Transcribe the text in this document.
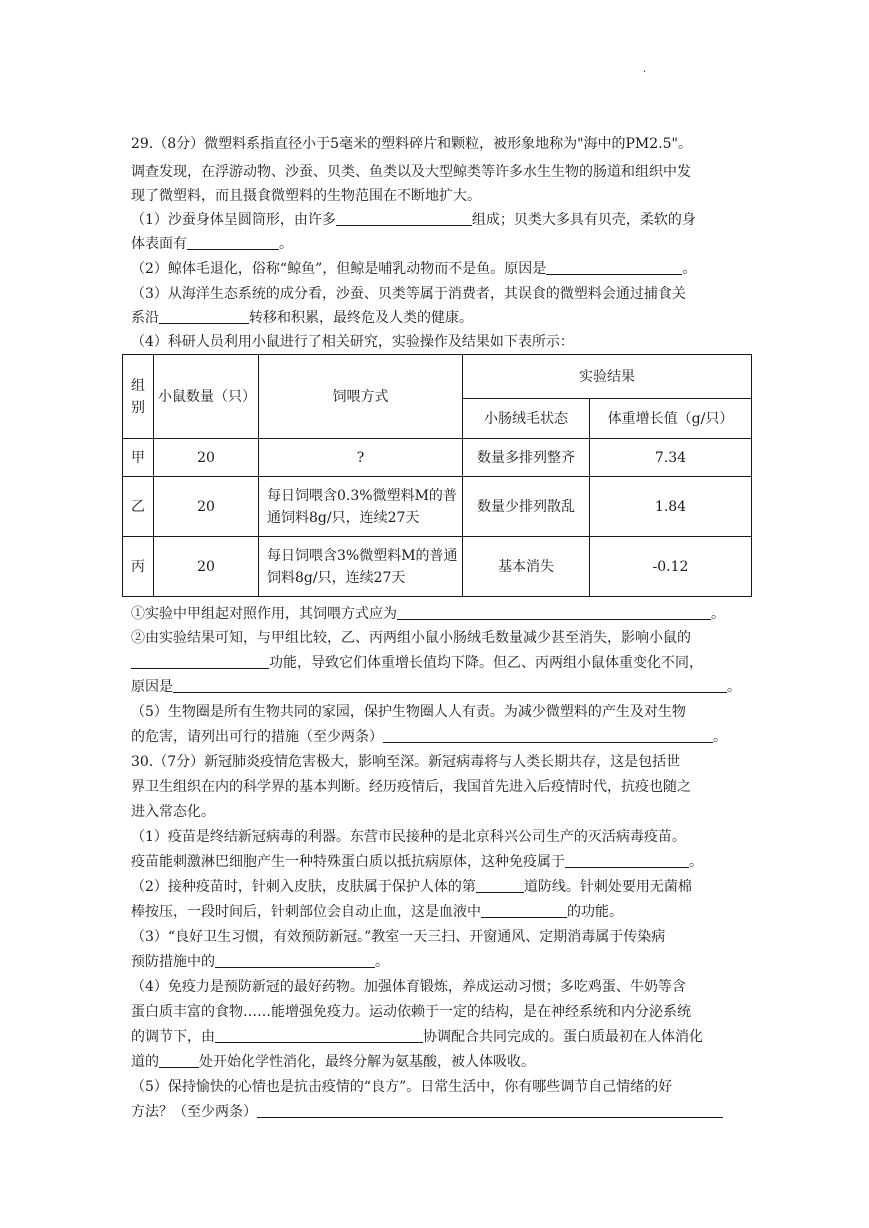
·
29.（8分）微塑料系指直径小于5毫米的塑料碎片和颗粒，被形象地称为"海中的PM2.5"。
调查发现，在浮游动物、沙蚕、贝类、鱼类以及大型鲸类等许多水生生物的肠道和组织中发
现了微塑料，而且摄食微塑料的生物范围在不断地扩大。
（1）沙蚕身体呈圆筒形，由许多	组成；贝类大多具有贝壳，柔软的身
体表面有	。
（2）鲸体毛退化，俗称“鲸鱼”，但鲸是哺乳动物而不是鱼。原因是	。
（3）从海洋生态系统的成分看，沙蚕、贝类等属于消费者，其误食的微塑料会通过捕食关
系沿	转移和积累，最终危及人类的健康。
（4）科研人员利用小鼠进行了相关研究，实验操作及结果如下表所示：
组别	小鼠数量（只）	饲喂方式	实验结果	
			小肠绒毛状态	体重增长值（g/只）
甲	20	?	数量多排列整齐	7.34
乙	20	每日饲喂含0.3%微塑料M的普通饲料8g/只，连续27天	数量少排列散乱	1.84
丙	20	每日饲喂含3%微塑料M的普通饲料8g/只，连续27天	基本消失	-0.12
①实验中甲组起对照作用，其饲喂方式应为	。
②由实验结果可知，与甲组比较，乙、丙两组小鼠小肠绒毛数量减少甚至消失，影响小鼠的
功能，导致它们体重增长值均下降。但乙、丙两组小鼠体重变化不同，
原因是	。
（5）生物圈是所有生物共同的家园，保护生物圈人人有责。为减少微塑料的产生及对生物
的危害，请列出可行的措施（至少两条）	。
30.（7分）新冠肺炎疫情危害极大，影响至深。新冠病毒将与人类长期共存，这是包括世
界卫生组织在内的科学界的基本判断。经历疫情后，我国首先进入后疫情时代，抗疫也随之
进入常态化。
（1）疫苗是终结新冠病毒的利器。东营市民接种的是北京科兴公司生产的灭活病毒疫苗。
疫苗能刺激淋巴细胞产生一种特殊蛋白质以抵抗病原体，这种免疫属于	。
（2）接种疫苗时，针刺入皮肤，皮肤属于保护人体的第	道防线。针刺处要用无菌棉
棒按压，一段时间后，针刺部位会自动止血，这是血液中	的功能。
（3）“良好卫生习惯，有效预防新冠。”教室一天三扫、开窗通风、定期消毒属于传染病
预防措施中的	。
（4）免疫力是预防新冠的最好药物。加强体育锻炼，养成运动习惯；多吃鸡蛋、牛奶等含
蛋白质丰富的食物……能增强免疫力。运动依赖于一定的结构，是在神经系统和内分泌系统
的调节下，由	协调配合共同完成的。蛋白质最初在人体消化
道的	处开始化学性消化，最终分解为氨基酸，被人体吸收。
（5）保持愉快的心情也是抗击疫情的“良方”。日常生活中，你有哪些调节自己情绪的好
方法？（至少两条）
